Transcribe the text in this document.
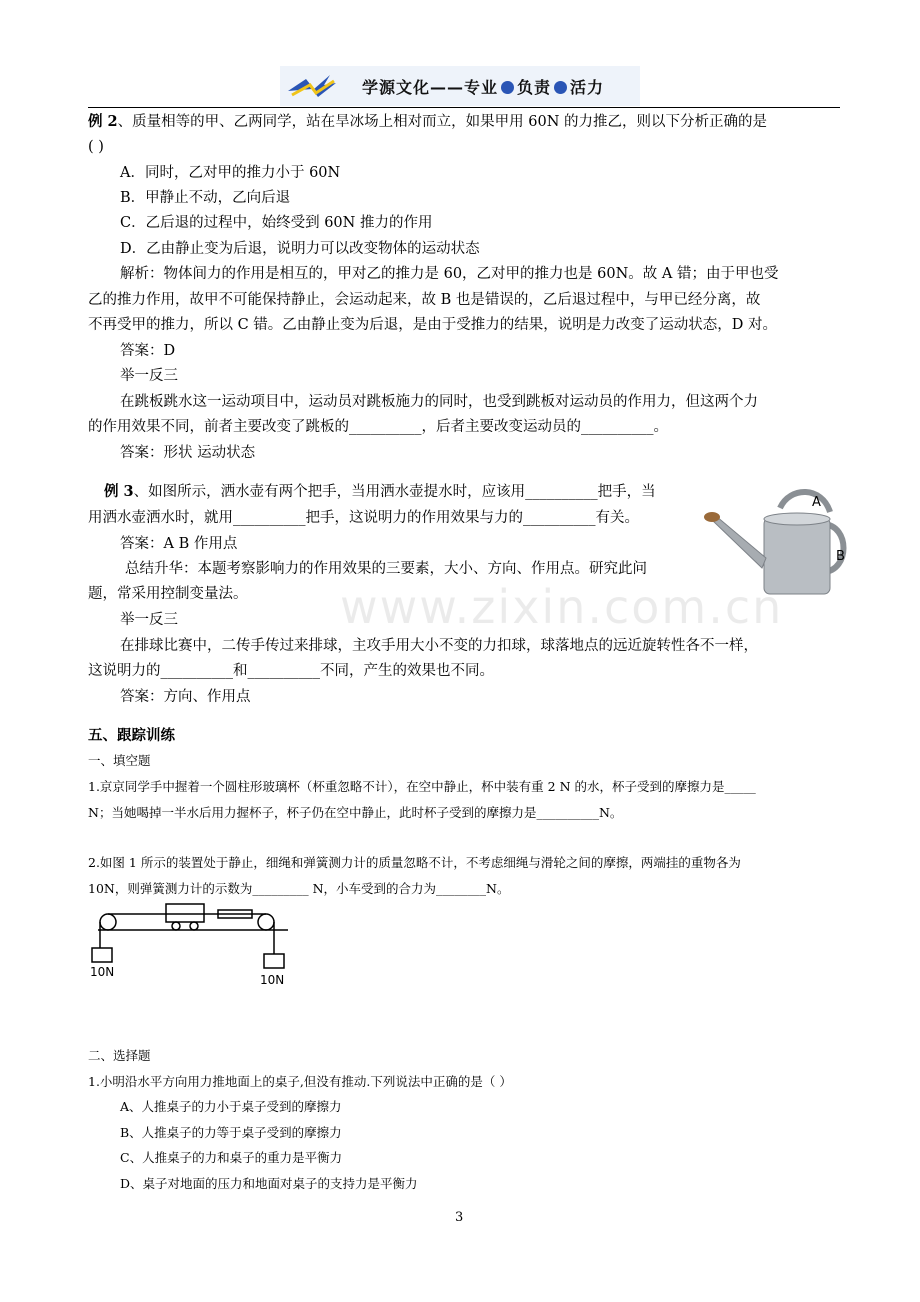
学源文化——专业 负责 活力
例 2、质量相等的甲、乙两同学，站在旱冰场上相对而立，如果甲用 60N 的力推乙，则以下分析正确的是
( )
A．同时，乙对甲的推力小于 60N
B．甲静止不动，乙向后退
C．乙后退的过程中，始终受到 60N 推力的作用
D．乙由静止变为后退，说明力可以改变物体的运动状态
解析：物体间力的作用是相互的，甲对乙的推力是 60，乙对甲的推力也是 60N。故 A 错；由于甲也受
乙的推力作用，故甲不可能保持静止，会运动起来，故 B 也是错误的，乙后退过程中，与甲已经分离，故
不再受甲的推力，所以 C 错。乙由静止变为后退，是由于受推力的结果，说明是力改变了运动状态，D 对。
答案：D
举一反三
在跳板跳水这一运动项目中，运动员对跳板施力的同时，也受到跳板对运动员的作用力，但这两个力
的作用效果不同，前者主要改变了跳板的__________，后者主要改变运动员的__________。
答案：形状 运动状态
例 3、如图所示，洒水壶有两个把手，当用洒水壶提水时，应该用__________把手，当
用洒水壶洒水时，就用__________把手，这说明力的作用效果与力的__________有关。
答案：A B 作用点
总结升华：本题考察影响力的作用效果的三要素，大小、方向、作用点。研究此问
题，常采用控制变量法。
举一反三
在排球比赛中，二传手传过来排球，主攻手用大小不变的力扣球，球落地点的远近旋转性各不一样，
这说明力的__________和__________不同，产生的效果也不同。
答案：方向、作用点
A
B
www.zixin.com.cn
五、跟踪训练
一、填空题
1.京京同学手中握着一个圆柱形玻璃杯（杯重忽略不计），在空中静止，杯中装有重 2 N 的水，杯子受到的摩擦力是_____
N；当她喝掉一半水后用力握杯子，杯子仍在空中静止，此时杯子受到的摩擦力是__________N。
2.如图 1 所示的装置处于静止，细绳和弹簧测力计的质量忽略不计，不考虑细绳与滑轮之间的摩擦，两端挂的重物各为
10N，则弹簧测力计的示数为_________ N，小车受到的合力为________N。
10N
10N
二、选择题
1.小明沿水平方向用力推地面上的桌子,但没有推动.下列说法中正确的是（ ）
A、人推桌子的力小于桌子受到的摩擦力
B、人推桌子的力等于桌子受到的摩擦力
C、人推桌子的力和桌子的重力是平衡力
D、桌子对地面的压力和地面对桌子的支持力是平衡力
3
